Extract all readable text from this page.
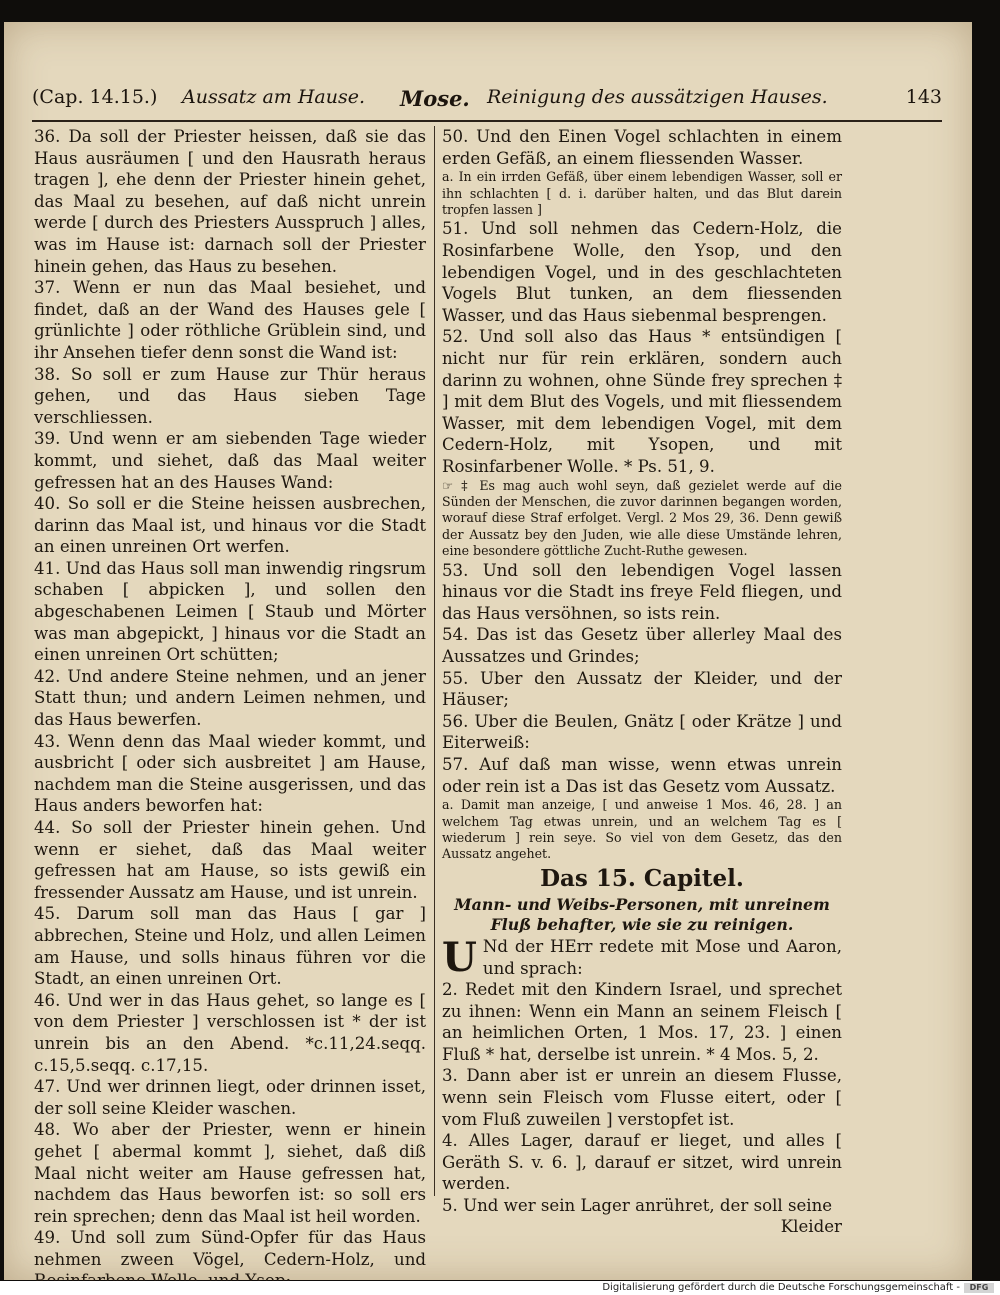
(Cap. 14.15.) Aussatz am Hause. Mose. Reinigung des aussätzigen Hauses.	143

36. Da soll der Priester heissen, daß sie das Haus ausräumen [ und den Hausrath heraus tragen ], ehe denn der Priester hinein gehet, das Maal zu besehen, auf daß nicht unrein werde [ durch des Priesters Ausspruch ] alles, was im Hause ist: darnach soll der Priester hinein gehen, das Haus zu besehen.

37. Wenn er nun das Maal besiehet, und findet, daß an der Wand des Hauses gele [ grünlichte ] oder röthliche Grüblein sind, und ihr Ansehen tiefer denn sonst die Wand ist:

38. So soll er zum Hause zur Thür heraus gehen, und das Haus sieben Tage verschliessen.

39. Und wenn er am siebenden Tage wieder kommt, und siehet, daß das Maal weiter gefressen hat an des Hauses Wand:

40. So soll er die Steine heissen ausbrechen, darinn das Maal ist, und hinaus vor die Stadt an einen unreinen Ort werfen.

41. Und das Haus soll man inwendig ringsrum schaben [ abpicken ], und sollen den abgeschabenen Leimen [ Staub und Mörter was man abgepickt, ] hinaus vor die Stadt an einen unreinen Ort schütten;

42. Und andere Steine nehmen, und an jener Statt thun; und andern Leimen nehmen, und das Haus bewerfen.

43. Wenn denn das Maal wieder kommt, und ausbricht [ oder sich ausbreitet ] am Hause, nachdem man die Steine ausgerissen, und das Haus anders beworfen hat:

44. So soll der Priester hinein gehen. Und wenn er siehet, daß das Maal weiter gefressen hat am Hause, so ists gewiß ein fressender Aussatz am Hause, und ist unrein.

45. Darum soll man das Haus [ gar ] abbrechen, Steine und Holz, und allen Leimen am Hause, und solls hinaus führen vor die Stadt, an einen unreinen Ort.

46. Und wer in das Haus gehet, so lange es [ von dem Priester ] verschlossen ist * der ist unrein bis an den Abend. *c.11,24.seqq. c.15,5.seqq. c.17,15.

47. Und wer drinnen liegt, oder drinnen isset, der soll seine Kleider waschen.

48. Wo aber der Priester, wenn er hinein gehet [ abermal kommt ], siehet, daß diß Maal nicht weiter am Hause gefressen hat, nachdem das Haus beworfen ist: so soll ers rein sprechen; denn das Maal ist heil worden.

49. Und soll zum Sünd-Opfer für das Haus nehmen zween Vögel, Cedern-Holz, und

50. Und den Einen Vogel schlachten in einem erden Gefäß, an einem fliessenden Wasser.

a. In ein irrden Gefäß, über einem lebendigen Wasser, soll er ihn schlachten [ d. i. darüber halten, und das Blut darein tropfen lassen ]

51. Und soll nehmen das Cedern-Holz, die Rosinfarbene Wolle, den Ysop, und den lebendigen Vogel, und in des geschlachteten Vogels Blut tunken, an dem fliessenden Wasser, und das Haus siebenmal besprengen.

52. Und soll also das Haus * entsündigen [ nicht nur für rein erklären, sondern auch darinn zu wohnen, ohne Sünde frey sprechen ‡ ] mit dem Blut des Vogels, und mit fliessendem Wasser, mit dem lebendigen Vogel, mit dem Cedern-Holz, mit Ysopen, und mit Rosinfarbener Wolle. * Ps. 51, 9.

☞ ‡ Es mag auch wohl seyn, daß gezielet werde auf die Sünden der Menschen, die zuvor darinnen begangen worden, worauf diese Straf erfolget. Vergl. 2 Mos 29, 36. Denn gewiß der Aussatz bey den Juden, wie alle diese Umstände lehren, eine besondere göttliche Zucht-Ruthe gewesen.

53. Und soll den lebendigen Vogel lassen hinaus vor die Stadt ins freye Feld fliegen, und das Haus versöhnen, so ists rein.

54. Das ist das Gesetz über allerley Maal des Aussatzes und Grindes;

55. Uber den Aussatz der Kleider, und der Häuser;

56. Uber die Beulen, Gnätz [ oder Krätze ] und Eiterweiß:

57. Auf daß man wisse, wenn etwas unrein oder rein ist a Das ist das Gesetz vom Aussatz.

a. Damit man anzeige, [ und anweise 1 Mos. 46, 28. ] an welchem Tag etwas unrein, und an welchem Tag es [ wiederum ] rein seye. So viel von dem Gesetz, das den Aussatz angehet.

Das 15. Capitel.

Mann- und Weibs-Personen, mit unreinem Fluß behafter, wie sie zu reinigen.

U Nd der HErr redete mit Mose und Aaron, und sprach:

2. Redet mit den Kindern Israel, und sprechet zu ihnen: Wenn ein Mann an seinem Fleisch [ an heimlichen Orten, 1 Mos. 17, 23. ] einen Fluß * hat, derselbe ist unrein. * 4 Mos. 5, 2.

3. Dann aber ist er unrein an diesem Flusse, wenn sein Fleisch vom Flusse eitert, oder [ vom Fluß zuweilen ] verstopfet ist.

4. Alles Lager, darauf er lieget, und alles [ Geräth S. v. 6. ], darauf er sitzet, wird unrein werden.

5. Und wer sein Lager anrühret, der soll seine

Kleider

Digitalisierung gefördert durch die Deutsche Forschungsgemeinschaft -	DFG
